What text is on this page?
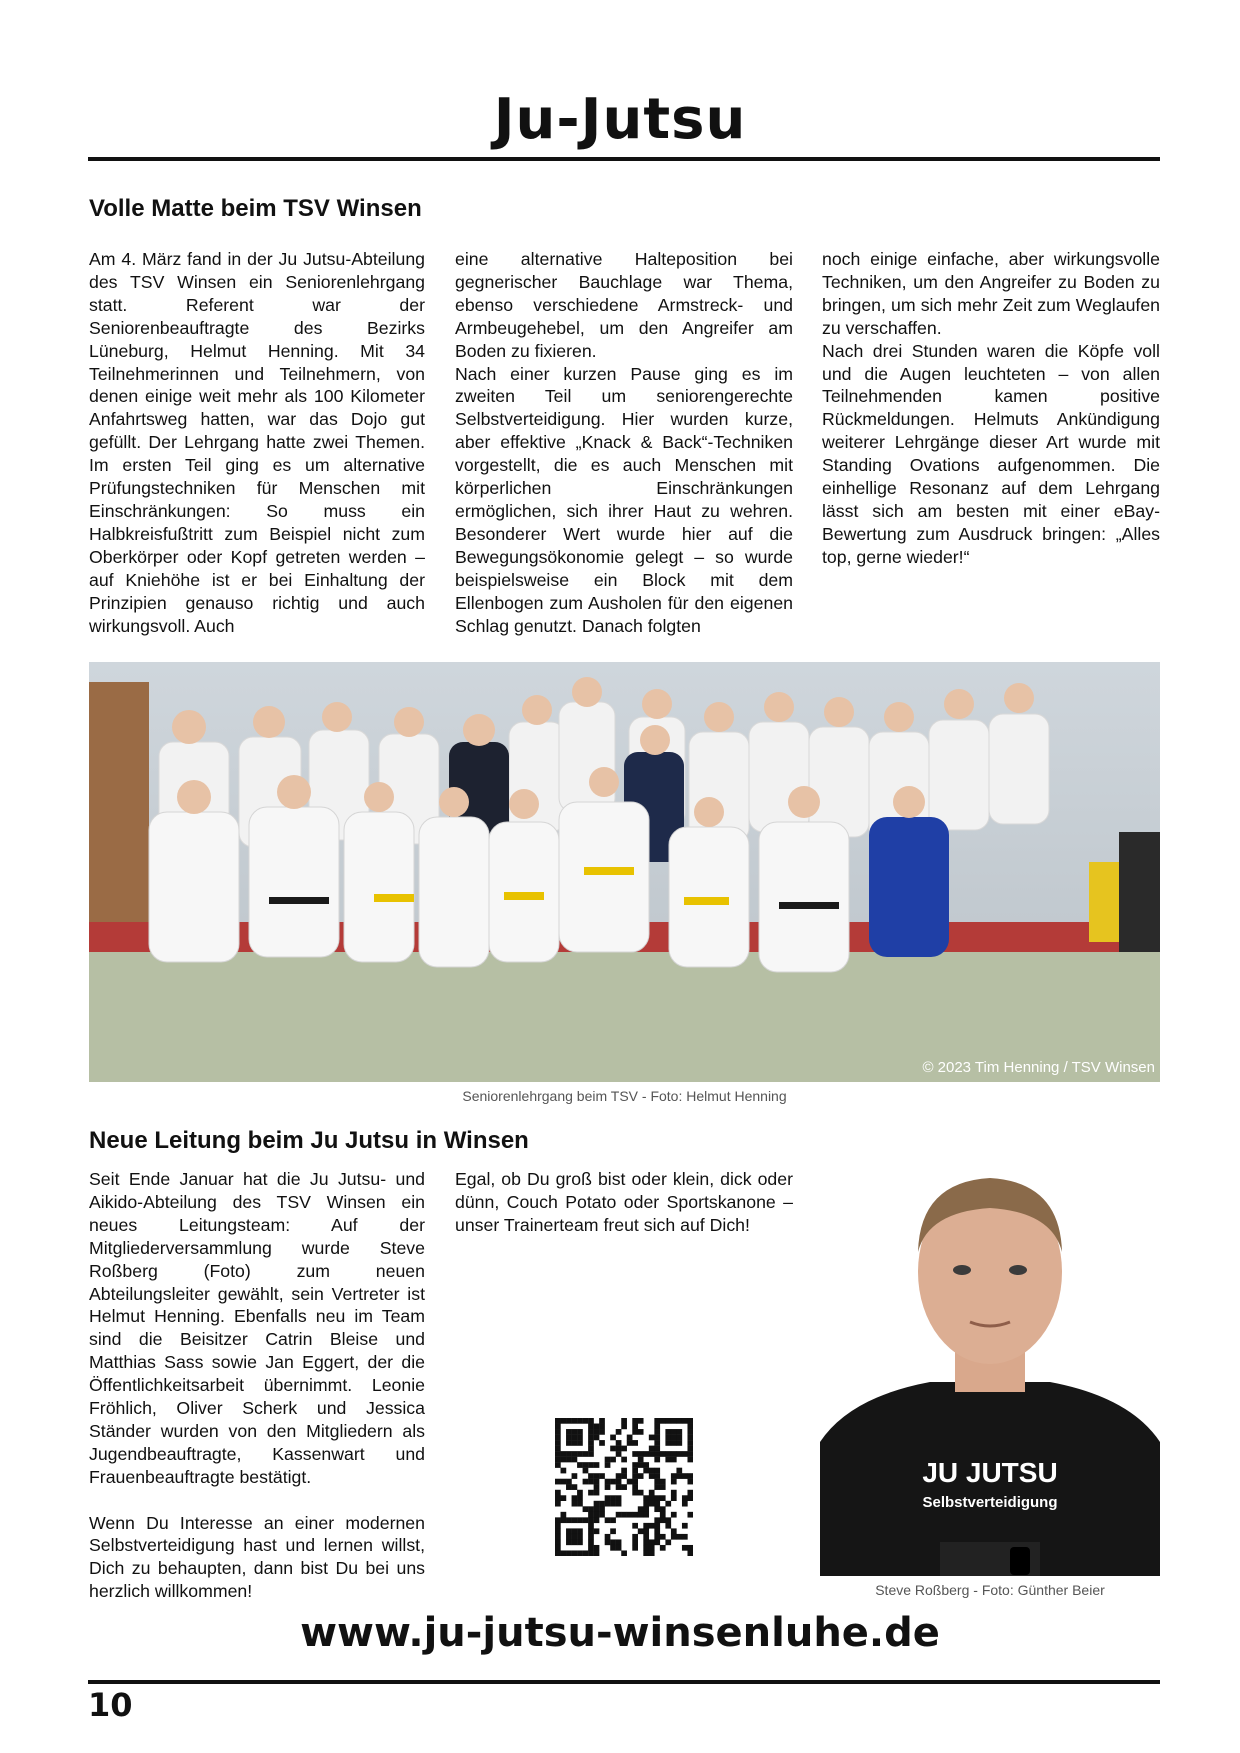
Ju-Jutsu
Volle Matte beim TSV Winsen

Am 4. März fand in der Ju Jutsu-Abteilung des TSV Winsen ein Seniorenlehrgang statt. Referent war der Seniorenbeauftragte des Bezirks Lüneburg, Helmut Henning. Mit 34 Teilnehmerinnen und Teilnehmern, von denen einige weit mehr als 100 Kilometer Anfahrtsweg hatten, war das Dojo gut gefüllt. Der Lehrgang hatte zwei Themen. Im ersten Teil ging es um alternative Prüfungstechniken für Menschen mit Einschränkungen: So muss ein Halbkreisfußtritt zum Beispiel nicht zum Oberkörper oder Kopf getreten werden – auf Kniehöhe ist er bei Einhaltung der Prinzipien genauso richtig und auch wirkungsvoll. Auch

eine alternative Halteposition bei gegnerischer Bauchlage war Thema, ebenso verschiedene Armstreck- und Armbeugehebel, um den Angreifer am Boden zu fixieren.

Nach einer kurzen Pause ging es im zweiten Teil um seniorengerechte Selbstverteidigung. Hier wurden kurze, aber effektive „Knack & Back“-Techniken vorgestellt, die es auch Menschen mit körperlichen Einschränkungen ermöglichen, sich ihrer Haut zu wehren. Besonderer Wert wurde hier auf die Bewegungsökonomie gelegt – so wurde beispielsweise ein Block mit dem Ellenbogen zum Ausholen für den eigenen Schlag genutzt. Danach folgten

noch einige einfache, aber wirkungsvolle Techniken, um den Angreifer zu Boden zu bringen, um sich mehr Zeit zum Weglaufen zu verschaffen.

Nach drei Stunden waren die Köpfe voll und die Augen leuchteten – von allen Teilnehmenden kamen positive Rückmeldungen. Helmuts Ankündigung weiterer Lehrgänge dieser Art wurde mit Standing Ovations aufgenommen. Die einhellige Resonanz auf dem Lehrgang lässt sich am besten mit einer eBay-Bewertung zum Ausdruck bringen: „Alles top, gerne wieder!“

© 2023 Tim Henning / TSV Winsen
Seniorenlehrgang beim TSV - Foto: Helmut Henning
Neue Leitung beim Ju Jutsu in Winsen

Seit Ende Januar hat die Ju Jutsu- und Aikido-Abteilung des TSV Winsen ein neues Leitungsteam: Auf der Mitgliederversammlung wurde Steve Roßberg (Foto) zum neuen Abteilungsleiter gewählt, sein Vertreter ist Helmut Henning. Ebenfalls neu im Team sind die Beisitzer Catrin Bleise und Matthias Sass sowie Jan Eggert, der die Öffentlichkeitsarbeit übernimmt. Leonie Fröhlich, Oliver Scherk und Jessica Ständer wurden von den Mitgliedern als Jugendbeauftragte, Kassenwart und Frauenbeauftragte bestätigt.

Wenn Du Interesse an einer modernen Selbstverteidigung hast und lernen willst, Dich zu behaupten, dann bist Du bei uns herzlich willkommen!

Egal, ob Du groß bist oder klein, dick oder dünn, Couch Potato oder Sportskanone – unser Trainerteam freut sich auf Dich!

JU JUTSU
Selbstverteidigung
Steve Roßberg - Foto: Günther Beier
www.ju-jutsu-winsenluhe.de
10
